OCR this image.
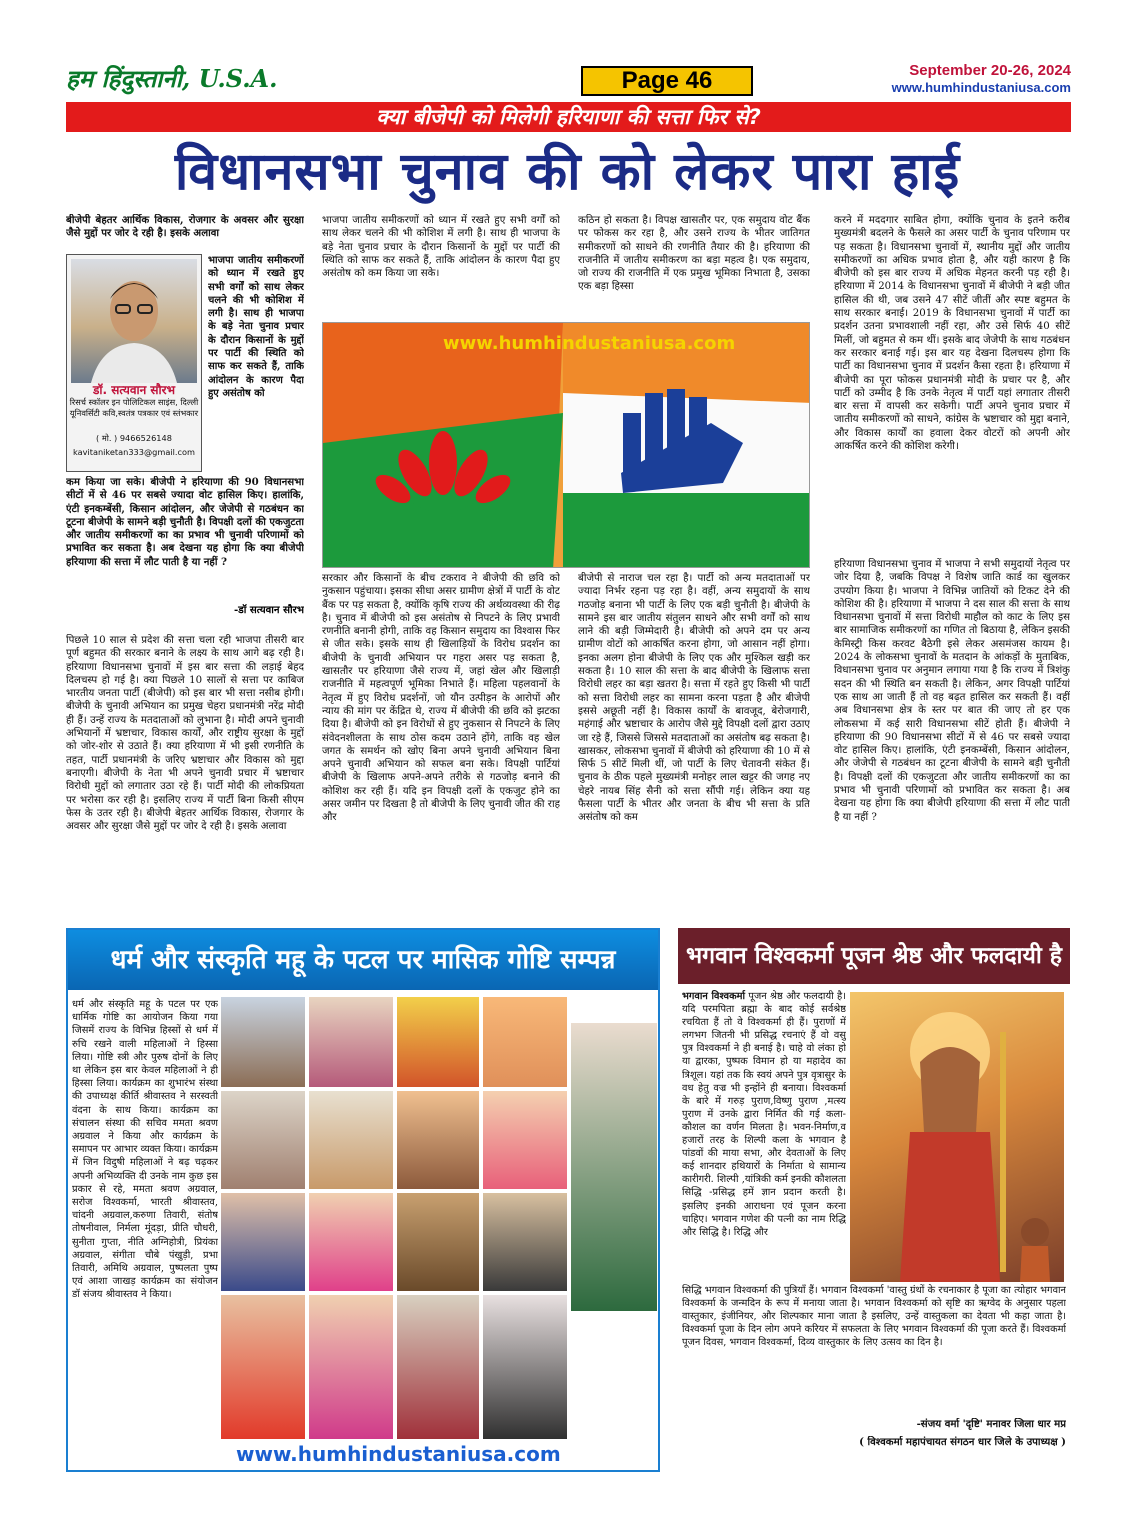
हम हिंदुस्तानी, U.S.A.	Page 46	September 20-26, 2024
www.humhindustaniusa.com
क्या बीजेपी को मिलेगी हरियाणा की सत्ता फिर से?
विधानसभा चुनाव की को लेकर पारा हाई
बीजेपी बेहतर आर्थिक विकास, रोजगार के अवसर और सुरक्षा जैसे मुद्दों पर जोर दे रही है। इसके अलावा
डॉ. सत्यवान सौरभ
रिसर्च स्कॉलर इन पोलिटिकल साइंस, दिल्ली यूनिवर्सिटी कवि,स्वतंत्र पत्रकार एवं स्तंभकार
( मो. ) 9466526148
kavitaniketan333@gmail.com
भाजपा जातीय समीकरणों को ध्यान में रखते हुए सभी वर्गों को साथ लेकर चलने की भी कोशिश में लगी है। साथ ही भाजपा के बड़े नेता चुनाव प्रचार के दौरान किसानों के मुद्दों पर पार्टी की स्थिति को साफ कर सकते हैं, ताकि आंदोलन के कारण पैदा हुए असंतोष को
कम किया जा सके। बीजेपी ने हरियाणा की 90 विधानसभा सीटों में से 46 पर सबसे ज्यादा वोट हासिल किए। हालांकि, एंटी इनकम्बेंसी, किसान आंदोलन, और जेजेपी से गठबंधन का टूटना बीजेपी के सामने बड़ी चुनौती है। विपक्षी दलों की एकजुटता और जातीय समीकरणों का का प्रभाव भी चुनावी परिणामों को प्रभावित कर सकता है। अब देखना यह होगा कि क्या बीजेपी हरियाणा की सत्ता में लौट पाती है या नहीं ?
-डॉ सत्यवान सौरभ
पिछले 10 साल से प्रदेश की सत्ता चला रही भाजपा तीसरी बार पूर्ण बहुमत की सरकार बनाने के लक्ष्य के साथ आगे बढ़ रही है। हरियाणा विधानसभा चुनावों में इस बार सत्ता की लड़ाई बेहद दिलचस्प हो गई है। क्या पिछले 10 सालों से सत्ता पर काबिज भारतीय जनता पार्टी (बीजेपी) को इस बार भी सत्ता नसीब होगी। बीजेपी के चुनावी अभियान का प्रमुख चेहरा प्रधानमंत्री नरेंद्र मोदी ही हैं। उन्हें राज्य के मतदाताओं को लुभाना है। मोदी अपने चुनावी अभियानों में भ्रष्टाचार, विकास कार्यों, और राष्ट्रीय सुरक्षा के मुद्दों को जोर-शोर से उठाते हैं। क्या हरियाणा में भी इसी रणनीति के तहत, पार्टी प्रधानमंत्री के जरिए भ्रष्टाचार और विकास को मुद्दा बनाएगी। बीजेपी के नेता भी अपने चुनावी प्रचार में भ्रष्टाचार विरोधी मुद्दों को लगातार उठा रहे हैं। पार्टी मोदी की लोकप्रियता पर भरोसा कर रही है। इसलिए राज्य में पार्टी बिना किसी सीएम फेस के उतर रही है। बीजेपी बेहतर आर्थिक विकास, रोजगार के अवसर और सुरक्षा जैसे मुद्दों पर जोर दे रही है। इसके अलावा
भाजपा जातीय समीकरणों को ध्यान में रखते हुए सभी वर्गों को साथ लेकर चलने की भी कोशिश में लगी है। साथ ही भाजपा के बड़े नेता चुनाव प्रचार के दौरान किसानों के मुद्दों पर पार्टी की स्थिति को साफ कर सकते हैं, ताकि आंदोलन के कारण पैदा हुए असंतोष को कम किया जा सके।
कठिन हो सकता है। विपक्ष खासतौर पर, एक समुदाय वोट बैंक पर फोकस कर रहा है, और उसने राज्य के भीतर जातिगत समीकरणों को साधने की रणनीति तैयार की है। हरियाणा की राजनीति में जातीय समीकरण का बड़ा महत्व है। एक समुदाय, जो राज्य की राजनीति में एक प्रमुख भूमिका निभाता है, उसका एक बड़ा हिस्सा
करने में मददगार साबित होगा, क्योंकि चुनाव के इतने करीब मुख्यमंत्री बदलने के फैसले का असर पार्टी के चुनाव परिणाम पर पड़ सकता है। विधानसभा चुनावों में, स्थानीय मुद्दों और जातीय समीकरणों का अधिक प्रभाव होता है, और यही कारण है कि बीजेपी को इस बार राज्य में अधिक मेहनत करनी पड़ रही है। हरियाणा में 2014 के विधानसभा चुनावों में बीजेपी ने बड़ी जीत हासिल की थी, जब उसने 47 सीटें जीतीं और स्पष्ट बहुमत के साथ सरकार बनाई। 2019 के विधानसभा चुनावों में पार्टी का प्रदर्शन उतना प्रभावशाली नहीं रहा, और उसे सिर्फ 40 सीटें मिलीं, जो बहुमत से कम थीं। इसके बाद जेजेपी के साथ गठबंधन कर सरकार बनाई गई। इस बार यह देखना दिलचस्प होगा कि पार्टी का विधानसभा चुनाव में प्रदर्शन कैसा रहता है। हरियाणा में बीजेपी का पूरा फोकस प्रधानमंत्री मोदी के प्रचार पर है, और पार्टी को उम्मीद है कि उनके नेतृत्व में पार्टी यहां लगातार तीसरी बार सत्ता में वापसी कर सकेगी। पार्टी अपने चुनाव प्रचार में जातीय समीकरणों को साधने, कांग्रेस के भ्रष्टाचार को मुद्दा बनाने, और विकास कार्यों का हवाला देकर वोटरों को अपनी ओर आकर्षित करने की कोशिश करेगी।
हरियाणा विधानसभा चुनाव में भाजपा ने सभी समुदायों नेतृत्व पर जोर दिया है, जबकि विपक्ष ने विशेष जाति कार्ड का खुलकर उपयोग किया है। भाजपा ने विभिन्न जातियों को टिकट देने की कोशिश की है। हरियाणा में भाजपा ने दस साल की सत्ता के साथ विधानसभा चुनावों में सत्ता विरोधी माहौल को काट के लिए इस बार सामाजिक समीकरणों का गणित तो बिठाया है, लेकिन इसकी केमिस्ट्री किस करवट बैठेगी इसे लेकर असमंजस कायम है। 2024 के लोकसभा चुनावों के मतदान के आंकड़ों के मुताबिक, विधानसभा चुनाव पर अनुमान लगाया गया है कि राज्य में त्रिशंकु सदन की भी स्थिति बन सकती है। लेकिन, अगर विपक्षी पार्टियां एक साथ आ जाती हैं तो वह बढ़त हासिल कर सकती हैं। वहीं अब विधानसभा क्षेत्र के स्तर पर बात की जाए तो हर एक लोकसभा में कई सारी विधानसभा सीटें होती हैं। बीजेपी ने हरियाणा की 90 विधानसभा सीटों में से 46 पर सबसे ज्यादा वोट हासिल किए। हालांकि, एंटी इनकम्बेंसी, किसान आंदोलन, और जेजेपी से गठबंधन का टूटना बीजेपी के सामने बड़ी चुनौती है। विपक्षी दलों की एकजुटता और जातीय समीकरणों का का प्रभाव भी चुनावी परिणामों को प्रभावित कर सकता है। अब देखना यह होगा कि क्या बीजेपी हरियाणा की सत्ता में लौट पाती है या नहीं ?
www.humhindustaniusa.com
सरकार और किसानों के बीच टकराव ने बीजेपी की छवि को नुकसान पहुंचाया। इसका सीधा असर ग्रामीण क्षेत्रों में पार्टी के वोट बैंक पर पड़ सकता है, क्योंकि कृषि राज्य की अर्थव्यवस्था की रीढ़ है। चुनाव में बीजेपी को इस असंतोष से निपटने के लिए प्रभावी रणनीति बनानी होगी, ताकि वह किसान समुदाय का विश्वास फिर से जीत सके। इसके साथ ही खिलाड़ियों के विरोध प्रदर्शन का बीजेपी के चुनावी अभियान पर गहरा असर पड़ सकता है, खासतौर पर हरियाणा जैसे राज्य में, जहां खेल और खिलाड़ी राजनीति में महत्वपूर्ण भूमिका निभाते हैं। महिला पहलवानों के नेतृत्व में हुए विरोध प्रदर्शनों, जो यौन उत्पीड़न के आरोपों और न्याय की मांग पर केंद्रित थे, राज्य में बीजेपी की छवि को झटका दिया है। बीजेपी को इन विरोधों से हुए नुकसान से निपटने के लिए संवेदनशीलता के साथ ठोस कदम उठाने होंगे, ताकि वह खेल जगत के समर्थन को खोए बिना अपने चुनावी अभियान बिना अपने चुनावी अभियान को सफल बना सके। विपक्षी पार्टियां बीजेपी के खिलाफ अपने-अपने तरीके से गठजोड़ बनाने की कोशिश कर रही हैं। यदि इन विपक्षी दलों के एकजुट होने का असर जमीन पर दिखता है तो बीजेपी के लिए चुनावी जीत की राह और
बीजेपी से नाराज चल रहा है। पार्टी को अन्य मतदाताओं पर ज्यादा निर्भर रहना पड़ रहा है। वहीं, अन्य समुदायों के साथ गठजोड़ बनाना भी पार्टी के लिए एक बड़ी चुनौती है। बीजेपी के सामने इस बार जातीय संतुलन साधने और सभी वर्गों को साथ लाने की बड़ी जिम्मेदारी है। बीजेपी को अपने दम पर अन्य ग्रामीण वोटों को आकर्षित करना होगा, जो आसान नहीं होगा। इनका अलग होना बीजेपी के लिए एक और मुश्किल खड़ी कर सकता है। 10 साल की सत्ता के बाद बीजेपी के खिलाफ सत्ता विरोधी लहर का बड़ा खतरा है। सत्ता में रहते हुए किसी भी पार्टी को सत्ता विरोधी लहर का सामना करना पड़ता है और बीजेपी इससे अछूती नहीं है। विकास कार्यों के बावजूद, बेरोजगारी, महंगाई और भ्रष्टाचार के आरोप जैसे मुद्दे विपक्षी दलों द्वारा उठाए जा रहे हैं, जिससे जिससे मतदाताओं का असंतोष बढ़ सकता है। खासकर, लोकसभा चुनावों में बीजेपी को हरियाणा की 10 में से सिर्फ 5 सीटें मिली थीं, जो पार्टी के लिए चेतावनी संकेत हैं। चुनाव के ठीक पहले मुख्यमंत्री मनोहर लाल खट्टर की जगह नए चेहरे नायब सिंह सैनी को सत्ता सौंपी गई। लेकिन क्या यह फैसला पार्टी के भीतर और जनता के बीच भी सत्ता के प्रति असंतोष को कम
धर्म और संस्कृति महू के पटल पर मासिक गोष्टि सम्पन्न
धर्म और संस्कृति महू के पटल पर एक धार्मिक गोष्टि का आयोजन किया गया जिसमें राज्य के विभिन्न हिस्सों से धर्म में रुचि रखने वाली महिलाओं ने हिस्सा लिया। गोष्टि स्त्री और पुरुष दोनों के लिए था लेकिन इस बार केवल महिलाओं ने ही हिस्सा लिया। कार्यक्रम का शुभारंभ संस्था की उपाध्यक्ष कीर्ति श्रीवास्तव ने सरस्वती वंदना के साथ किया। कार्यक्रम का संचालन संस्था की सचिव ममता श्रवण अग्रवाल ने किया और कार्यक्रम के समापन पर आभार व्यक्त किया। कार्यक्रम में जिन विदुषी महिलाओं ने बढ़ चढ़कर अपनी अभिव्यक्ति दी उनके नाम कुछ इस प्रकार से रहे, ममता श्रवण अग्रवाल, सरोज विश्वकर्मा, भारती श्रीवास्तव, चांदनी अग्रवाल,करुणा तिवारी, संतोष तोषनीवाल, निर्मला मूंदड़ा, प्रीति चौधरी, सुनीता गुप्ता, नीति अग्निहोत्री, प्रियंका अग्रवाल, संगीता चौबे पंखुड़ी, प्रभा तिवारी, अमिथि अग्रवाल, पुष्पलता पुष्प एवं आशा जाखड़ कार्यक्रम का संयोजन डॉ संजय श्रीवास्तव ने किया।
www.humhindustaniusa.com
भगवान विश्वकर्मा पूजन श्रेष्ठ और फलदायी है
भगवान विश्वकर्मा पूजन श्रेष्ठ और फलदायी है। यदि परमपिता ब्रह्मा के बाद कोई सर्वश्रेष्ठ रचयिता हैं तो वे विश्वकर्मा ही हैं। पुराणों में लगभग जितनी भी प्रसिद्ध रचनाएं हैं वो वसु पुत्र विश्वकर्मा ने ही बनाई है। चाहे वो लंका हो या द्वारका, पुष्पक विमान हो या महादेव का त्रिशूल। यहां तक कि स्वयं अपने पुत्र वृत्रासुर के वध हेतु वज्र भी इन्होंने ही बनाया। विश्वकर्मा के बारे में गरुड़ पुराण,विष्णु पुराण ,मत्स्य पुराण में उनके द्वारा निर्मित की गई कला-कौशल का वर्णन मिलता है। भवन-निर्माण,व हजारों तरह के शिल्पी कला के भगवान है पांडवों की माया सभा, और देवताओं के लिए कई शानदार हथियारों के निर्माता थे सामान्य कारीगरी. शिल्पी ,यांत्रिकी कर्म इनकी कौशलता सिद्धि -प्रसिद्ध हमें ज्ञान प्रदान करती है। इसलिए इनकी आराधना एवं पूजन करना चाहिए। भगवान गणेश की पत्नी का नाम रिद्धि और सिद्धि है। रिद्धि और
सिद्धि भगवान विश्वकर्मा की पुत्रियाँ हैं। भगवान विश्वकर्मा 'वास्तु ग्रंथों के रचनाकार है पूजा का त्योहार भगवान विश्वकर्मा के जन्मदिन के रूप में मनाया जाता है। भगवान विश्वकर्मा को सृष्टि का ऋग्वेद के अनुसार पहला वास्तुकार, इंजीनियर, और शिल्पकार माना जाता है इसलिए, उन्हें वास्तुकला का देवता भी कहा जाता है। विश्वकर्मा पूजा के दिन लोग अपने करियर में सफलता के लिए भगवान विश्वकर्मा की पूजा करते हैं। विश्वकर्मा पूजन दिवस, भगवान विश्वकर्मा, दिव्य वास्तुकार के लिए उत्सव का दिन है।
-संजय वर्मा 'दृष्टि' मनावर जिला धार मप्र
( विश्वकर्मा महापंचायत संगठन धार जिले के उपाध्यक्ष )
